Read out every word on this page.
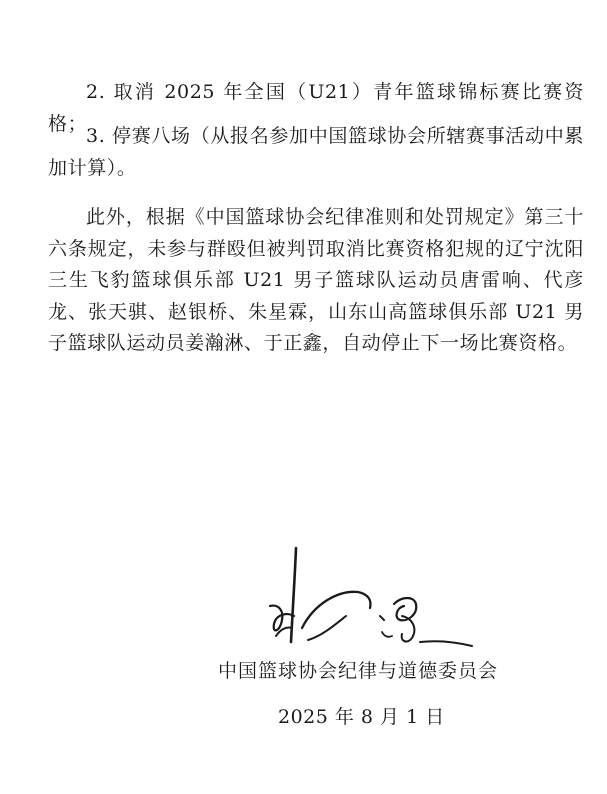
2. 取消 2025 年全国（U21）青年篮球锦标赛比赛资格；

3. 停赛八场（从报名参加中国篮球协会所辖赛事活动中累加计算）。

此外，根据《中国篮球协会纪律准则和处罚规定》第三十六条规定，未参与群殴但被判罚取消比赛资格犯规的辽宁沈阳三生飞豹篮球俱乐部 U21 男子篮球队运动员唐雷响、代彦龙、张天骐、赵银桥、朱星霖，山东山高篮球俱乐部 U21 男子篮球队运动员姜瀚淋、于正鑫，自动停止下一场比赛资格。

中国篮球协会纪律与道德委员会

2025 年 8 月 1 日
